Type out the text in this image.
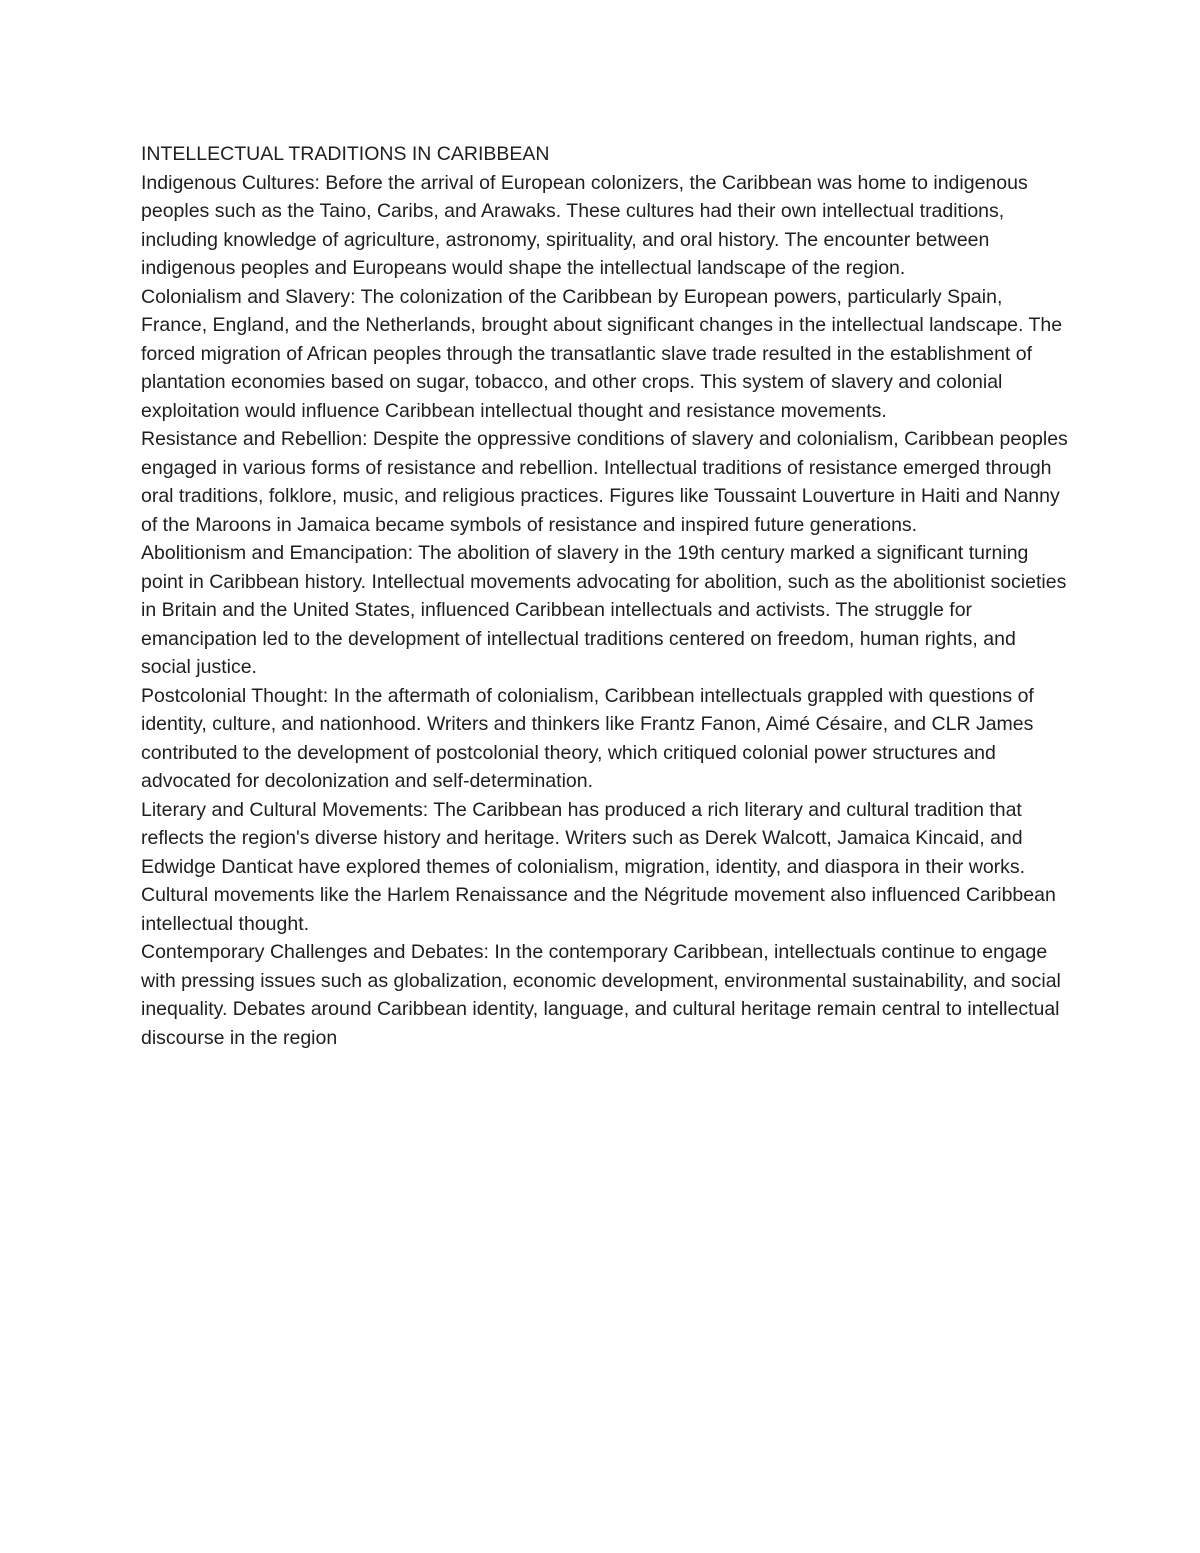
INTELLECTUAL TRADITIONS IN CARIBBEAN

Indigenous Cultures: Before the arrival of European colonizers, the Caribbean was home to indigenous peoples such as the Taino, Caribs, and Arawaks. These cultures had their own intellectual traditions, including knowledge of agriculture, astronomy, spirituality, and oral history. The encounter between indigenous peoples and Europeans would shape the intellectual landscape of the region.

Colonialism and Slavery: The colonization of the Caribbean by European powers, particularly Spain, France, England, and the Netherlands, brought about significant changes in the intellectual landscape. The forced migration of African peoples through the transatlantic slave trade resulted in the establishment of plantation economies based on sugar, tobacco, and other crops. This system of slavery and colonial exploitation would influence Caribbean intellectual thought and resistance movements.

Resistance and Rebellion: Despite the oppressive conditions of slavery and colonialism, Caribbean peoples engaged in various forms of resistance and rebellion. Intellectual traditions of resistance emerged through oral traditions, folklore, music, and religious practices. Figures like Toussaint Louverture in Haiti and Nanny of the Maroons in Jamaica became symbols of resistance and inspired future generations.

Abolitionism and Emancipation: The abolition of slavery in the 19th century marked a significant turning point in Caribbean history. Intellectual movements advocating for abolition, such as the abolitionist societies in Britain and the United States, influenced Caribbean intellectuals and activists. The struggle for emancipation led to the development of intellectual traditions centered on freedom, human rights, and social justice.

Postcolonial Thought: In the aftermath of colonialism, Caribbean intellectuals grappled with questions of identity, culture, and nationhood. Writers and thinkers like Frantz Fanon, Aimé Césaire, and CLR James contributed to the development of postcolonial theory, which critiqued colonial power structures and advocated for decolonization and self-determination.

Literary and Cultural Movements: The Caribbean has produced a rich literary and cultural tradition that reflects the region's diverse history and heritage. Writers such as Derek Walcott, Jamaica Kincaid, and Edwidge Danticat have explored themes of colonialism, migration, identity, and diaspora in their works. Cultural movements like the Harlem Renaissance and the Négritude movement also influenced Caribbean intellectual thought.

Contemporary Challenges and Debates: In the contemporary Caribbean, intellectuals continue to engage with pressing issues such as globalization, economic development, environmental sustainability, and social inequality. Debates around Caribbean identity, language, and cultural heritage remain central to intellectual discourse in the region
